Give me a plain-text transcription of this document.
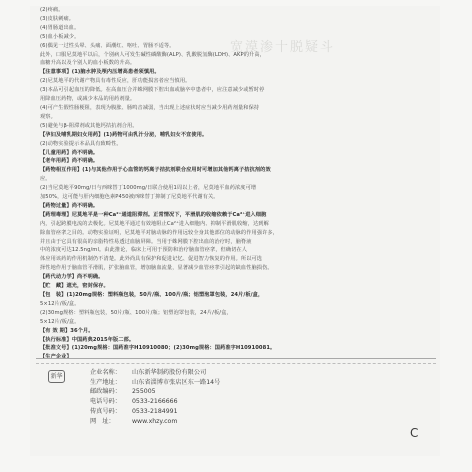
宽漠渗十脱疑斗
(2)疼痛。
(3)皮肤刺痛。
(4)胃肠道出血。
(5)血小板减少。
(6)偶见一过性头晕、头痛、面潮红、呕吐、胃肠不适等。
此外，口服尼莫地平以后，个别病人可发生碱性磷酸酶(ALP)、乳酸脱氢酶(LDH)、AKP的升高，
血糖升高以及个别人的血小板数的升高。
【注意事项】(1)脑水肿及颅内压增高患者须慎用。
(2)尼莫地平的代谢产物具有毒性反应，肝功能损害者应当慎用。
(3)本品可引起血压的降低。在高血压合并蛛网膜下腔出血或脑卒中患者中，应注意减少或暂时停
用降血压药物，或减少本品的用药剂量。
(4)可产生假性肠梗阻，表现为腹胀、肠鸣音减弱，当出现上述症状时应当减少用药剂量和保持
观察。
(5)避免与β-阻滞剂或其他钙拮抗剂合用。
【孕妇及哺乳期妇女用药】(1)药物可由乳汁分泌，哺乳妇女不宜使用。
(2)动物实验提示本品具有致畸性。
【儿童用药】尚不明确。
【老年用药】尚不明确。
【药物相互作用】(1)与其他作用于心血管的钙离子拮抗剂联合应用时可增加其他钙离子拮抗剂的效
应。
(2)当尼莫地平90mg/日与西咪替丁1000mg/日联合使用1周以上者，尼莫地平血药浓度可增
加50%，这可能与肝内细胞色素P450被西咪替丁抑制了尼莫地平代谢有关。
【药物过量】尚不明确。
【药理毒理】尼莫地平是一种Ca²⁺通道阻滞剂。正常情况下，平滑肌的收缩依赖于Ca²⁺进入细胞
内，引起跨膜电流的去极化。尼莫地平通过有效地阻止Ca²⁺进入细胞内、抑制平滑肌收缩，达到解
除血管痉挛之目的。动物实验证明，尼莫地平对脑动脉的作用远较全身其他部位的动脉的作用强许多，
并且由于它具有很高的亲脂特性易透过血脑屏障。当用于蛛网膜下腔出血的治疗时，脑脊液
中的浓度可达12.5ng/ml。由此推论，临床上可用于预防和治疗脑血管痉挛，但确切在人
体应用该药的作用机制仍不清楚。此外尚具有保护和促进记忆、促进智力恢复的作用。所以可选
择性地作用于脑血管平滑肌，扩张脑血管，增加脑血流量，显著减少血管痉挛引起的缺血性脑损伤。
【药代动力学】尚不明确。
【贮　藏】遮光，密封保存。
【包　装】(1)20mg规格：塑料瓶包装，50片/瓶、100片/瓶；铝塑泡罩包装，24片/板/盒，
5×12片/板/盒。
(2)30mg规格：塑料瓶包装，50片/瓶、100片/瓶；铝塑泡罩包装，24片/板/盒，
5×12片/板/盒。
【有 效 期】36个月。
【执行标准】中国药典2015年版二部。
【批准文号】(1)20mg规格：国药准字H10910080；(2)30mg规格：国药准字H10910081。
【生产企业】
新华
企业名称： 山东新华制药股份有限公司
生产地址： 山东省淄博市张店区东一路14号
邮政编码： 255005
电话号码： 0533-2166666
传真号码： 0533-2184991
网　址：	www.xhzy.com
C
